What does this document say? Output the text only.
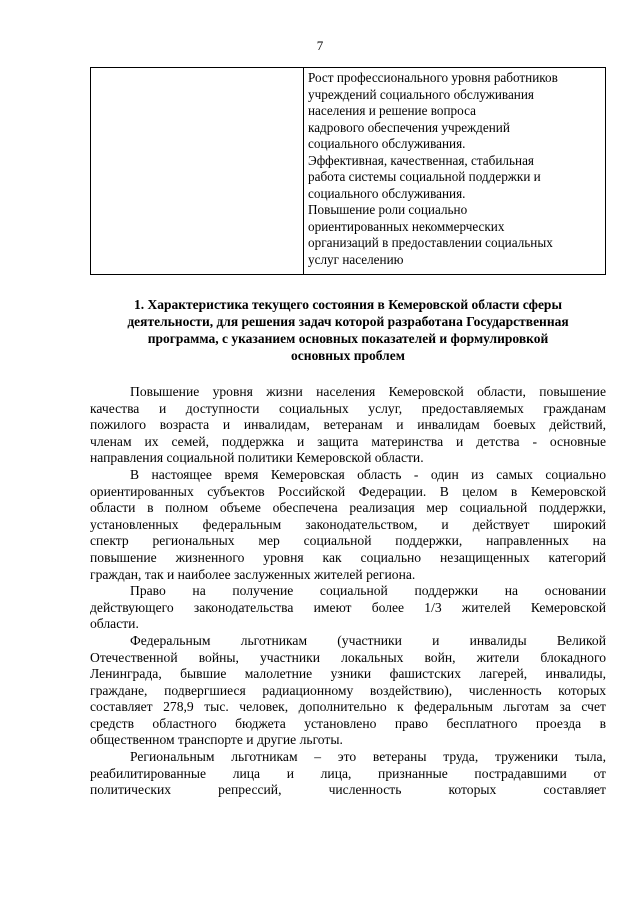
7

Рост профессионального уровня работников
учреждений социального обслуживания
населения и решение вопроса
кадрового обеспечения учреждений
социального обслуживания.
Эффективная, качественная, стабильная
работа системы социальной поддержки и
социального обслуживания.
Повышение роли социально
ориентированных некоммерческих
организаций в предоставлении социальных
услуг населению
1. Характеристика текущего состояния в Кемеровской области сферы
деятельности, для решения задач которой разработана Государственная
программа, с указанием основных показателей и формулировкой
основных проблем
Повышение уровня жизни населения Кемеровской области, повышение
качества и доступности социальных услуг, предоставляемых гражданам
пожилого возраста и инвалидам, ветеранам и инвалидам боевых действий,
членам их семей, поддержка и защита материнства и детства - основные
направления социальной политики Кемеровской области.
В настоящее время Кемеровская область - один из самых социально
ориентированных субъектов Российской Федерации. В целом в Кемеровской
области в полном объеме обеспечена реализация мер социальной поддержки,
установленных федеральным законодательством, и действует широкий
спектр региональных мер социальной поддержки, направленных на
повышение жизненного уровня как социально незащищенных категорий
граждан, так и наиболее заслуженных жителей региона.
Право на получение социальной поддержки на основании
действующего законодательства имеют более 1/3 жителей Кемеровской
области.
Федеральным льготникам (участники и инвалиды Великой
Отечественной войны, участники локальных войн, жители блокадного
Ленинграда, бывшие малолетние узники фашистских лагерей, инвалиды,
граждане, подвергшиеся радиационному воздействию), численность которых
составляет 278,9 тыс. человек, дополнительно к федеральным льготам за счет
средств областного бюджета установлено право бесплатного проезда в
общественном транспорте и другие льготы.
Региональным льготникам – это ветераны труда, труженики тыла,
реабилитированные лица и лица, признанные пострадавшими от
политических репрессий, численность которых составляет
